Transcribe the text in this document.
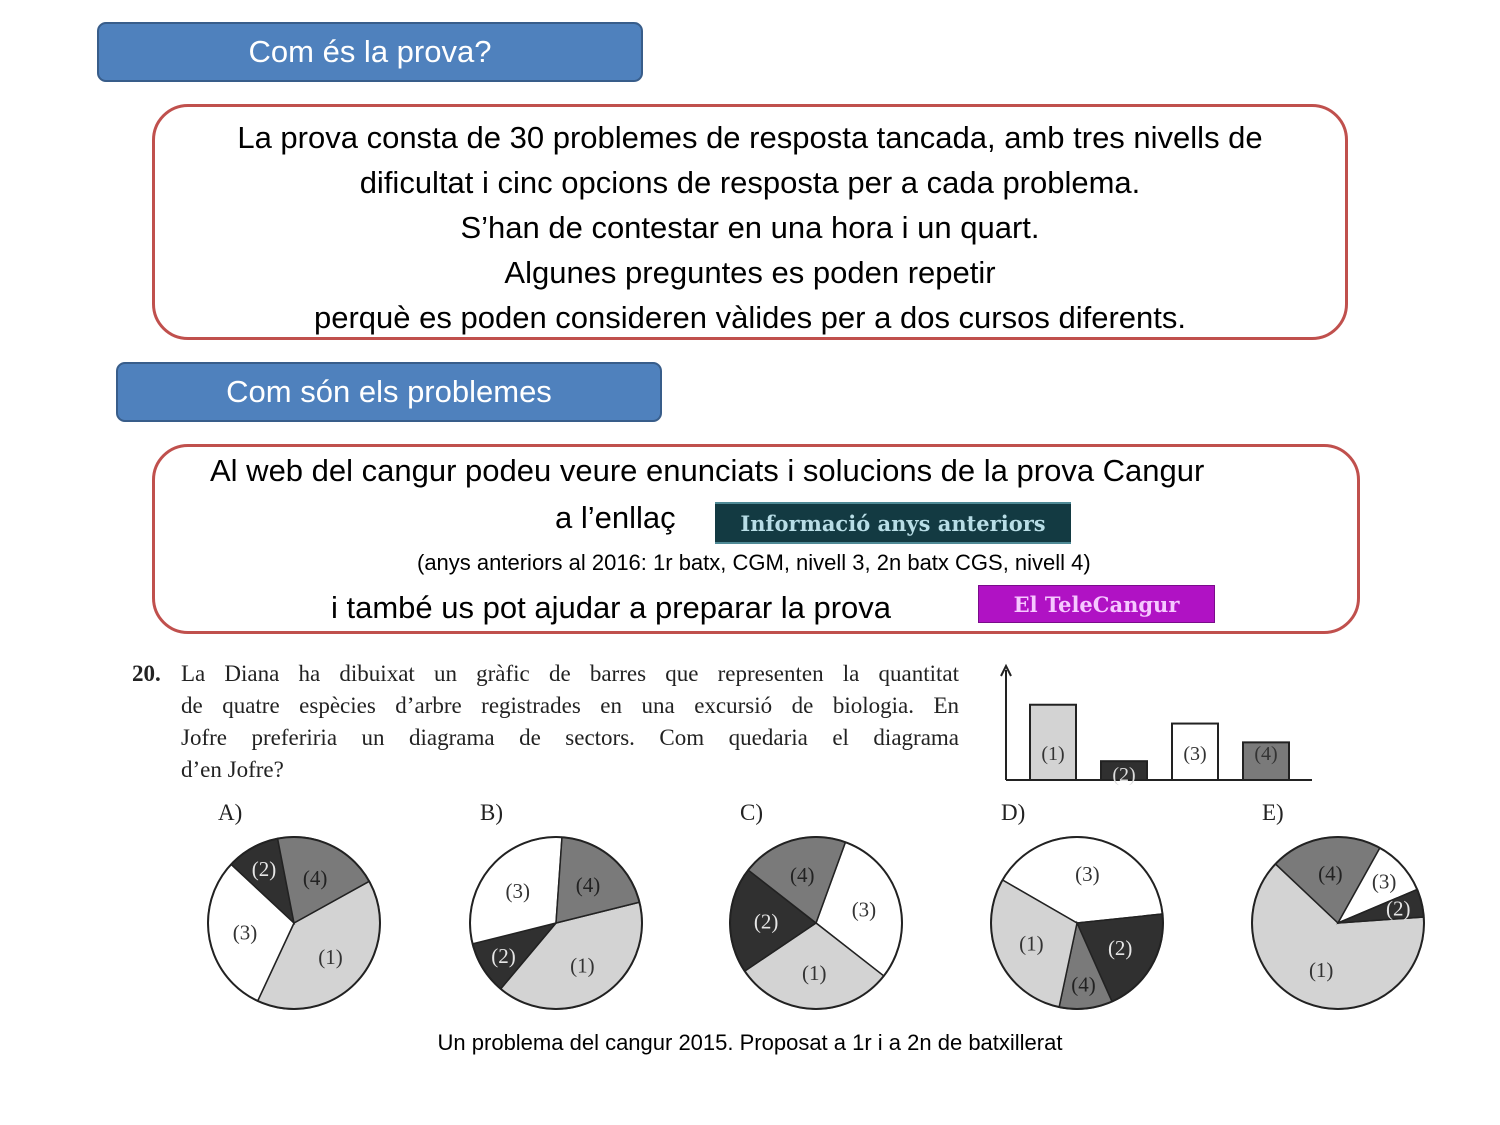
Com és la prova?
La prova consta de 30 problemes de resposta tancada, amb tres nivells de
dificultat i cinc opcions de resposta per a cada problema.
S’han de contestar en una hora i un quart.
Algunes preguntes es poden repetir
perquè es poden consideren vàlides per a dos cursos diferents.
Com són els problemes
Al web del cangur podeu veure enunciats i solucions de la prova Cangur
a l’enllaç	Informació anys anteriors
(anys anteriors al 2016: 1r batx, CGM, nivell 3, 2n batx CGS, nivell 4)
i també us pot ajudar a preparar la prova	El TeleCangur
20. La Diana ha dibuixat un gràfic de barres que representen la quantitat
de quatre espècies d’arbre registrades en una excursió de biologia. En
Jofre preferiria un diagrama de sectors. Com quedaria el diagrama
d’en Jofre?
(1)
(2)
(3) (4)
A)
(1)
(3)
(2) (4)
B)
(1)
(2)
(3) (4)
C)
(3)
(1)
(2)
(4)
D)
(3)
(2)
(4)
(1)
E)
(1)
(4) (3)
(2)
Un problema del cangur 2015. Proposat a 1r i a 2n de batxillerat
